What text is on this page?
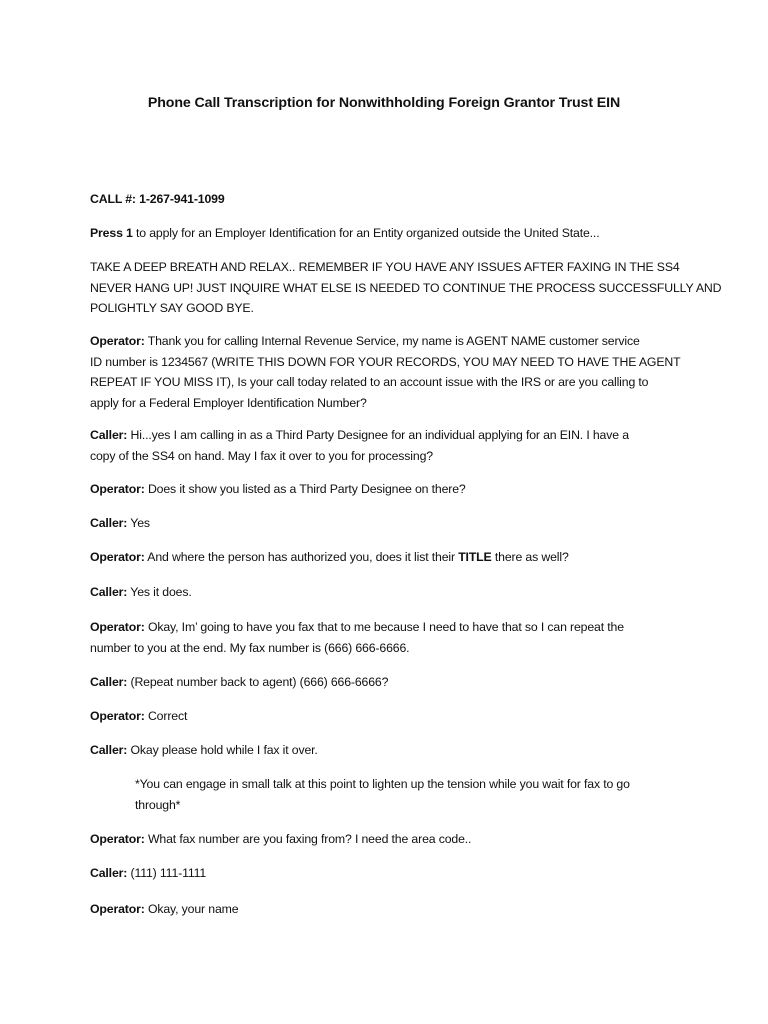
Phone Call Transcription for Nonwithholding Foreign Grantor Trust EIN
CALL #: 1-267-941-1099
Press 1 to apply for an Employer Identification for an Entity organized outside the United State...
TAKE A DEEP BREATH AND RELAX.. REMEMBER IF YOU HAVE ANY ISSUES AFTER FAXING IN THE SS4
NEVER HANG UP! JUST INQUIRE WHAT ELSE IS NEEDED TO CONTINUE THE PROCESS SUCCESSFULLY AND
POLIGHTLY SAY GOOD BYE.
Operator: Thank you for calling Internal Revenue Service, my name is AGENT NAME customer service
ID number is 1234567 (WRITE THIS DOWN FOR YOUR RECORDS, YOU MAY NEED TO HAVE THE AGENT
REPEAT IF YOU MISS IT), Is your call today related to an account issue with the IRS or are you calling to
apply for a Federal Employer Identification Number?
Caller: Hi...yes I am calling in as a Third Party Designee for an individual applying for an EIN. I have a
copy of the SS4 on hand. May I fax it over to you for processing?
Operator: Does it show you listed as a Third Party Designee on there?
Caller: Yes
Operator: And where the person has authorized you, does it list their TITLE there as well?
Caller: Yes it does.
Operator: Okay, Im’ going to have you fax that to me because I need to have that so I can repeat the
number to you at the end. My fax number is (666) 666-6666.
Caller: (Repeat number back to agent) (666) 666-6666?
Operator: Correct
Caller: Okay please hold while I fax it over.
*You can engage in small talk at this point to lighten up the tension while you wait for fax to go
through*
Operator: What fax number are you faxing from? I need the area code..
Caller: (111) 111-1111
Operator: Okay, your name
